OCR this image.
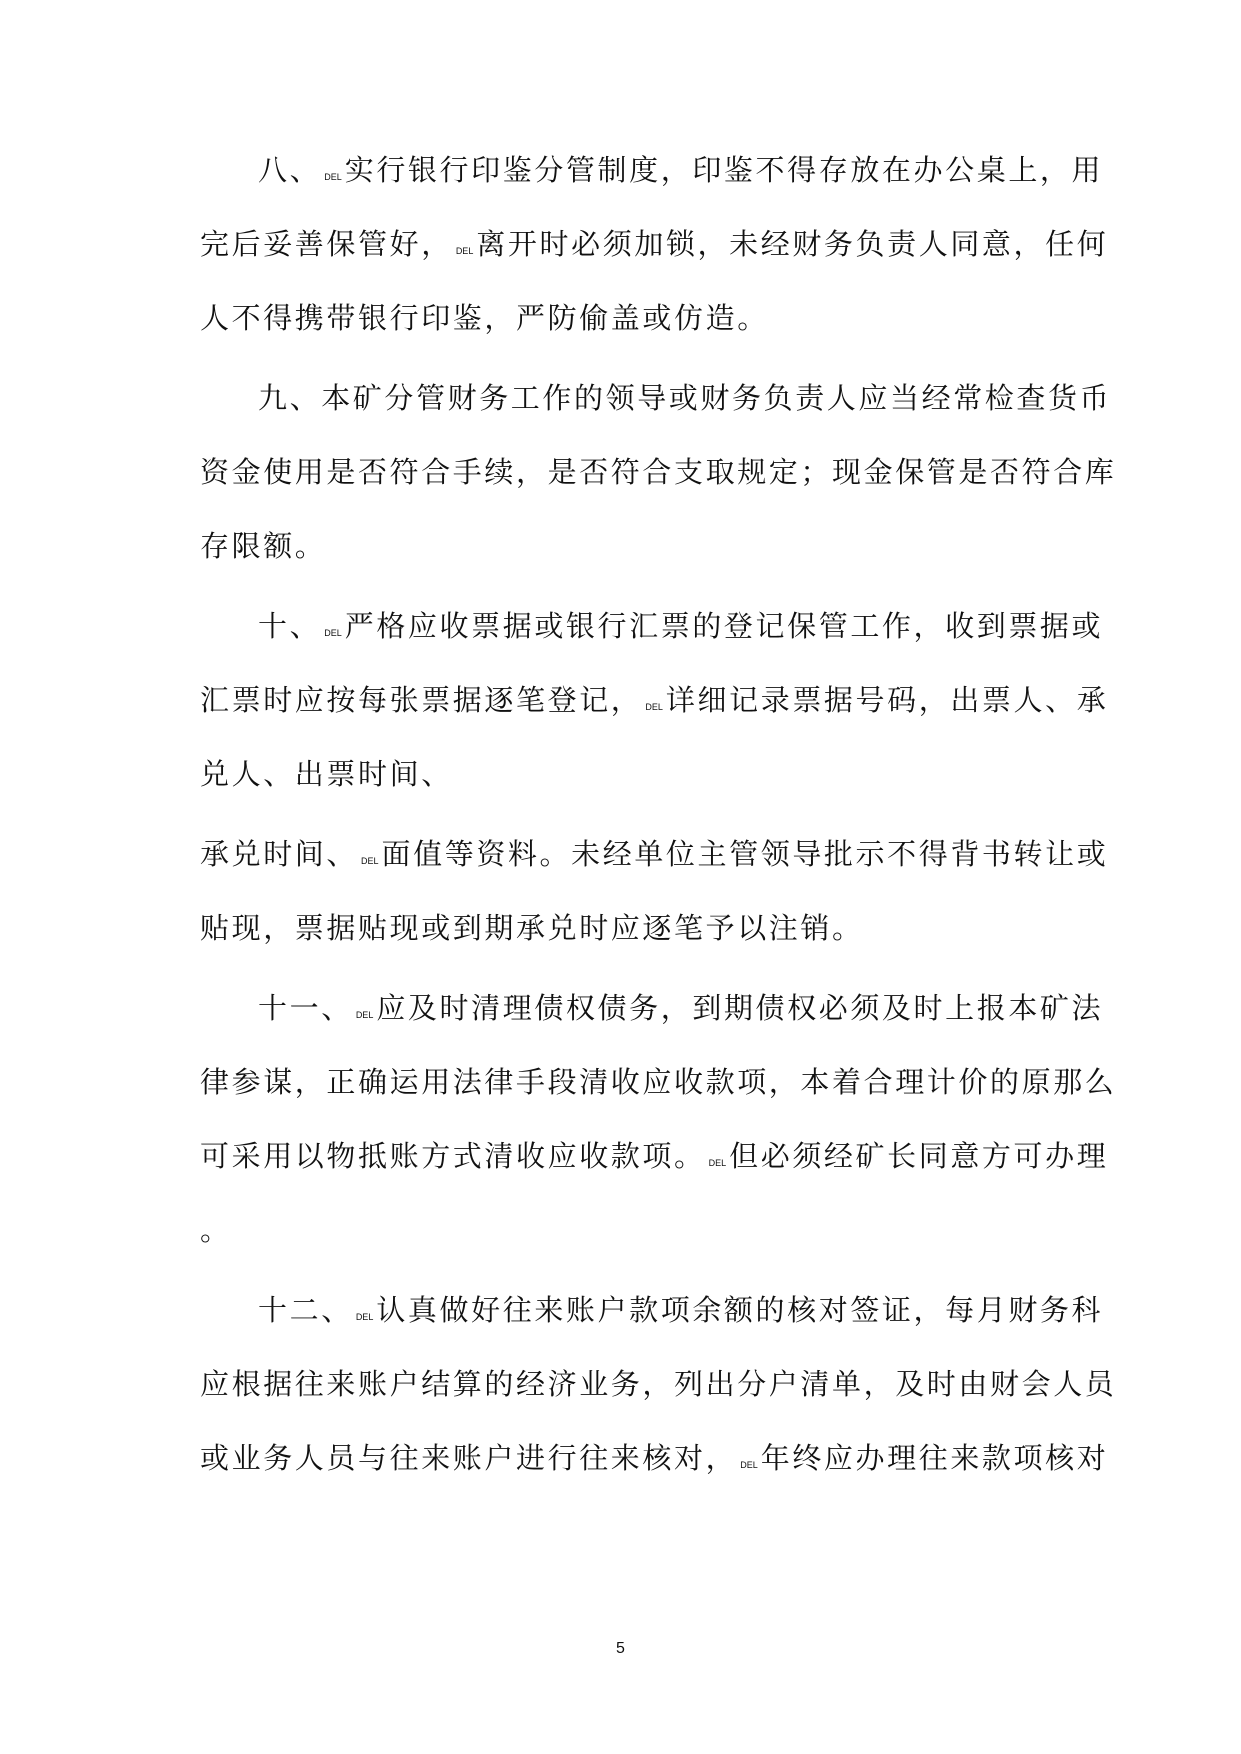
八、 DEL 实行银行印鉴分管制度，印鉴不得存放在办公桌上，用
完后妥善保管好， DEL 离开时必须加锁，未经财务负责人同意，任何
人不得携带银行印鉴，严防偷盖或仿造。
九、本矿分管财务工作的领导或财务负责人应当经常检查货币
资金使用是否符合手续，是否符合支取规定；现金保管是否符合库
存限额。
十、 DEL 严格应收票据或银行汇票的登记保管工作，收到票据或
汇票时应按每张票据逐笔登记， DEL 详细记录票据号码，出票人、承
兑人、出票时间、
承兑时间、 DEL 面值等资料。未经单位主管领导批示不得背书转让或
贴现，票据贴现或到期承兑时应逐笔予以注销。
十一、 DEL 应及时清理债权债务，到期债权必须及时上报本矿法
律参谋，正确运用法律手段清收应收款项，本着合理计价的原那么
可采用以物抵账方式清收应收款项。 DEL 但必须经矿长同意方可办理
。
十二、 DEL 认真做好往来账户款项余额的核对签证，每月财务科
应根据往来账户结算的经济业务，列出分户清单，及时由财会人员
或业务人员与往来账户进行往来核对， DEL 年终应办理往来款项核对
5
